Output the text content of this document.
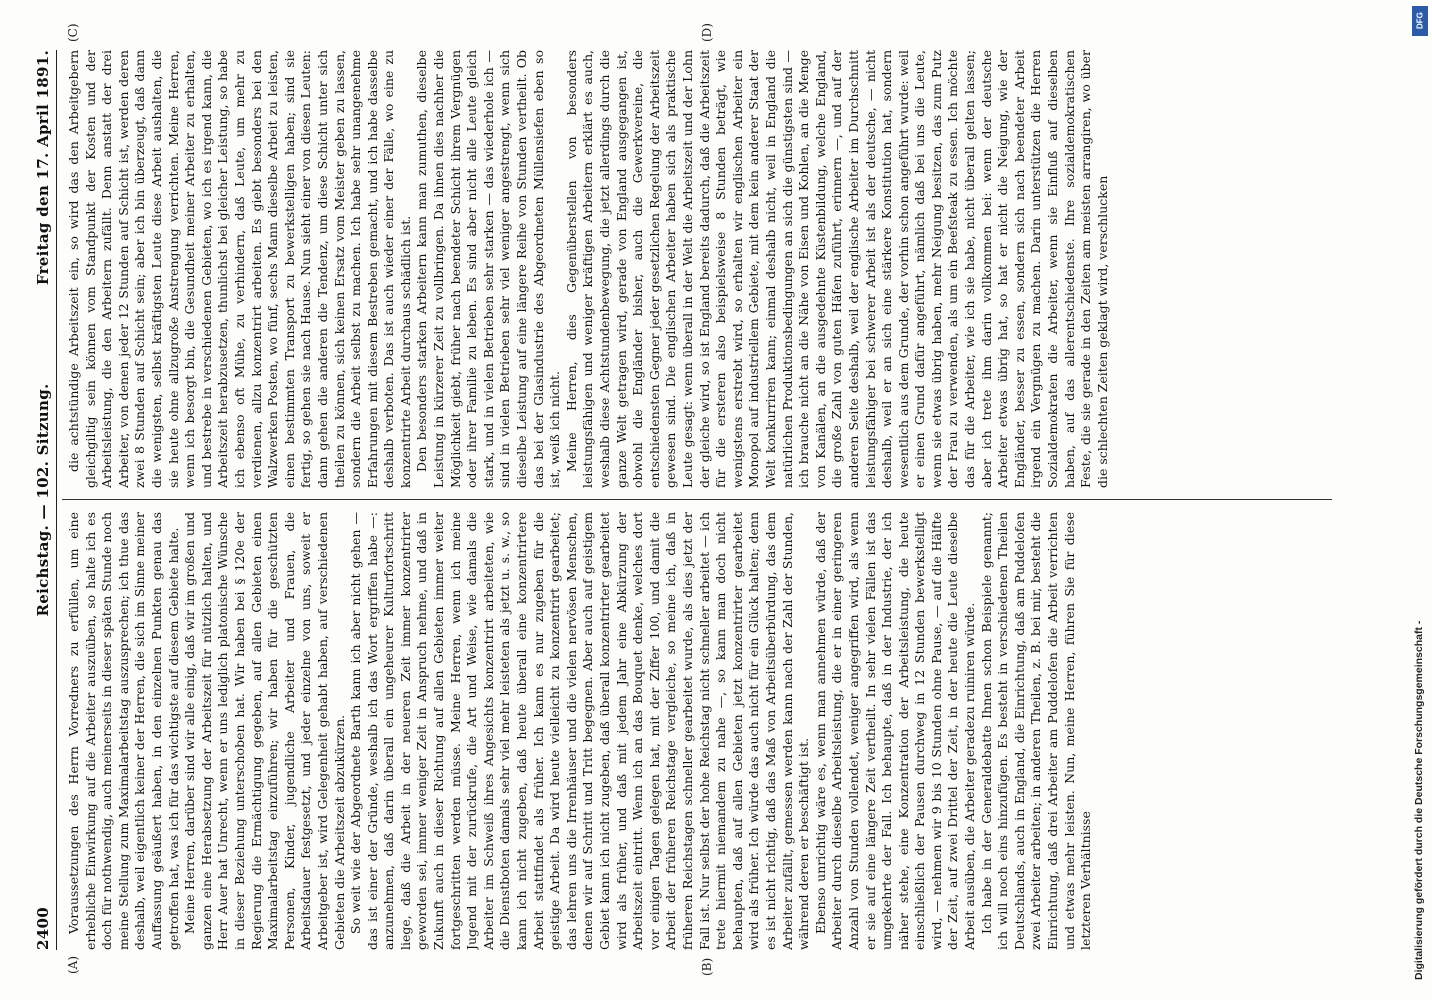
2400
Reichstag. — 102. Sitzung.
Freitag den 17. April 1891.
(A)	(B)
(C)	(D)

Voraussetzungen des Herrn Vorredners zu erfüllen, um eine erhebliche Einwirkung auf die Arbeiter auszuüben, so halte ich es doch für nothwendig, auch meinerseits in dieser späten Stunde noch meine Stellung zum Maximalarbeitstag auszusprechen; ich thue das deshalb, weil eigentlich keiner der Herren, die sich im Sinne meiner Auffassung geäußert haben, in den einzelnen Punkten genau das getroffen hat, was ich für das wichtigste auf diesem Gebiete halte. Meine Herren, darüber sind wir alle einig, daß wir im großen und ganzen eine Herabsetzung der Arbeitszeit für nützlich halten, und Herr Auer hat Unrecht, wenn er uns lediglich platonische Wünsche in dieser Beziehung unterschoben hat. Wir haben bei § 120e der Regierung die Ermächtigung gegeben, auf allen Gebieten einen Maximalarbeitstag einzuführen; wir haben für die geschützten Personen, Kinder, jugendliche Arbeiter und Frauen, die Arbeitsdauer festgesetzt, und jeder einzelne von uns, soweit er Arbeitgeber ist, wird Gelegenheit gehabt haben, auf verschiedenen Gebieten die Arbeitszeit abzukürzen. So weit wie der Abgeordnete Barth kann ich aber nicht gehen — das ist einer der Gründe, weshalb ich das Wort ergriffen habe —: anzunehmen, daß darin überall ein ungeheurer Kulturfortschritt liege, daß die Arbeit in der neueren Zeit immer konzentrirter geworden sei, immer weniger Zeit in Anspruch nehme, und daß in Zukunft auch in dieser Richtung auf allen Gebieten immer weiter fortgeschritten werden müsse. Meine Herren, wenn ich meine Jugend mit der zurückrufe, die Art und Weise, wie damals die Arbeiter im Schweiß ihres Angesichts konzentrirt arbeiteten, wie die Dienstboten damals sehr viel mehr leisteten als jetzt u. s. w., so kann ich nicht zugeben, daß heute überall eine konzentrirtere Arbeit stattfindet als früher. Ich kann es nur zugeben für die geistige Arbeit. Da wird heute vielleicht zu konzentrirt gearbeitet; das lehren uns die Irrenhäuser und die vielen nervösen Menschen, denen wir auf Schritt und Tritt begegnen. Aber auch auf geistigem Gebiet kann ich nicht zugeben, daß überall konzentrirter gearbeitet wird als früher, und daß mit jedem Jahr eine Abkürzung der Arbeitszeit eintritt. Wenn ich an das Bouquet denke, welches dort vor einigen Tagen gelegen hat, mit der Ziffer 100, und damit die Arbeit der früheren Reichstage vergleiche, so meine ich, daß in früheren Reichstagen schneller gearbeitet wurde, als dies jetzt der Fall ist. Nur selbst der hohe Reichstag nicht schneller arbeitet — ich trete hiermit niemandem zu nahe —, so kann man doch nicht behaupten, daß auf allen Gebieten jetzt konzentrirter gearbeitet wird als früher. Ich würde das auch nicht für ein Glück halten; denn es ist nicht richtig, daß das Maß von Arbeitsüberbürdung, das dem Arbeiter zufällt, gemessen werden kann nach der Zahl der Stunden, während deren er beschäftigt ist. Ebenso unrichtig wäre es, wenn man annehmen würde, daß der Arbeiter durch dieselbe Arbeitsleistung, die er in einer geringeren Anzahl von Stunden vollendet, weniger angegriffen wird, als wenn er sie auf eine längere Zeit vertheilt. In sehr vielen Fällen ist das umgekehrte der Fall. Ich behaupte, daß in der Industrie, der ich näher stehe, eine Konzentration der Arbeitsleistung, die heute einschließlich der Pausen durchweg in 12 Stunden bewerkstelligt wird, — nehmen wir 9 bis 10 Stunden ohne Pause, — auf die Hälfte der Zeit, auf zwei Drittel der Zeit, in der heute die Leute dieselbe Arbeit ausüben, die Arbeiter geradezu ruiniren würde. Ich habe in der Generaldebatte Ihnen schon Beispiele genannt; ich will noch eins hinzufügen. Es besteht in verschiedenen Theilen Deutschlands, auch in England, die Einrichtung, daß am Puddelofen zwei Arbeiter arbeiten; in anderen Theilen, z. B. bei mir, besteht die Einrichtung, daß drei Arbeiter am Puddelofen die Arbeit verrichten und etwas mehr leisten. Nun, meine Herren, führen Sie für diese letzteren Verhältnisse

die achtstündige Arbeitszeit ein, so wird das den Arbeitgebern gleichgiltig sein können vom Standpunkt der Kosten und der Arbeitsleistung, die den Arbeitern zufällt. Denn anstatt der drei Arbeiter, von denen jeder 12 Stunden auf Schicht ist, werden deren zwei 8 Stunden auf Schicht sein; aber ich bin überzeugt, daß dann die wenigsten, selbst kräftigsten Leute diese Arbeit aushalten, die sie heute ohne allzugroße Anstrengung verrichten. Meine Herren, wenn ich besorgt bin, die Gesundheit meiner Arbeiter zu erhalten, und bestrebe in verschiedenen Gebieten, wo ich es irgend kann, die Arbeitszeit herabzusetzen, thunlichst bei gleicher Leistung, so habe ich ebenso oft Mühe, zu verhindern, daß Leute, um mehr zu verdienen, allzu konzentrirt arbeiten. Es giebt besonders bei den Walzwerken Posten, wo fünf, sechs Mann dieselbe Arbeit zu leisten, einen bestimmten Transport zu bewerkstelligen haben; sind sie fertig, so gehen sie nach Hause. Nun sieht einer von diesen Leuten: dann gehen die anderen die Tendenz, um diese Schicht unter sich theilen zu können, sich keinen Ersatz vom Meister geben zu lassen, sondern die Arbeit selbst zu machen. Ich habe sehr unangenehme Erfahrungen mit diesem Bestreben gemacht, und ich habe dasselbe deshalb verboten. Das ist auch wieder einer der Fälle, wo eine zu konzentrirte Arbeit durchaus schädlich ist. Den besonders starken Arbeitern kann man zumuthen, dieselbe Leistung in kürzerer Zeit zu vollbringen. Da ihnen dies nachher die Möglichkeit giebt, früher nach beendeter Schicht ihrem Vergnügen oder ihrer Familie zu leben. Es sind aber nicht alle Leute gleich stark, und in vielen Betrieben sehr starken — das wiederhole ich — sind in vielen Betrieben sehr viel weniger angestrengt, wenn sich dieselbe Leistung auf eine längere Reihe von Stunden vertheilt. Ob das bei der Glasindustrie des Abgeordneten Müllensiefen eben so ist, weiß ich nicht. Meine Herren, dies Gegenüberstellen von besonders leistungsfähigen und weniger kräftigen Arbeitern erklärt es auch, weshalb diese Achtstundenbewegung, die jetzt allerdings durch die ganze Welt getragen wird, gerade von England ausgegangen ist, obwohl die Engländer bisher, auch die Gewerkvereine, die entschiedensten Gegner jeder gesetzlichen Regelung der Arbeitszeit gewesen sind. Die englischen Arbeiter haben sich als praktische Leute gesagt: wenn überall in der Welt die Arbeitszeit und der Lohn der gleiche wird, so ist England bereits dadurch, daß die Arbeitszeit für die ersteren also beispielsweise 8 Stunden beträgt, wie wenigstens erstrebt wird, so erhalten wir englischen Arbeiter ein Monopol auf industriellem Gebiete, mit dem kein anderer Staat der Welt konkurriren kann; einmal deshalb nicht, weil in England die natürlichen Produktionsbedingungen an sich die günstigsten sind — ich brauche nicht an die Nähe von Eisen und Kohlen, an die Menge von Kanälen, an die ausgedehnte Küstenbildung, welche England, die große Zahl von guten Häfen zuführt, erinnern —, und auf der anderen Seite deshalb, weil der englische Arbeiter im Durchschnitt leistungsfähiger bei schwerer Arbeit ist als der deutsche, — nicht deshalb, weil er an sich eine stärkere Konstitution hat, sondern wesentlich aus dem Grunde, der vorhin schon angeführt wurde: weil er einen Grund dafür angeführt, nämlich daß bei uns die Leute, wenn sie etwas übrig haben, mehr Neigung besitzen, das zum Putz der Frau zu verwenden, als um ein Beefsteak zu essen. Ich möchte das für die Arbeiter, wie ich sie habe, nicht überall gelten lassen; aber ich trete ihm darin vollkommen bei: wenn der deutsche Arbeiter etwas übrig hat, so hat er nicht die Neigung, wie der Engländer, besser zu essen, sondern sich nach beendeter Arbeit irgend ein Vergnügen zu machen. Darin unterstützen die Herren Sozialdemokraten die Arbeiter, wenn sie Einfluß auf dieselben haben, auf das allerentschiedenste. Ihre sozialdemokratischen Feste, die sie gerade in den Zeiten am meisten arrangiren, wo über die schlechten Zeiten geklagt wird, verschlucken

Digitalisierung gefördert durch die Deutsche Forschungsgemeinschaft -
DFG
